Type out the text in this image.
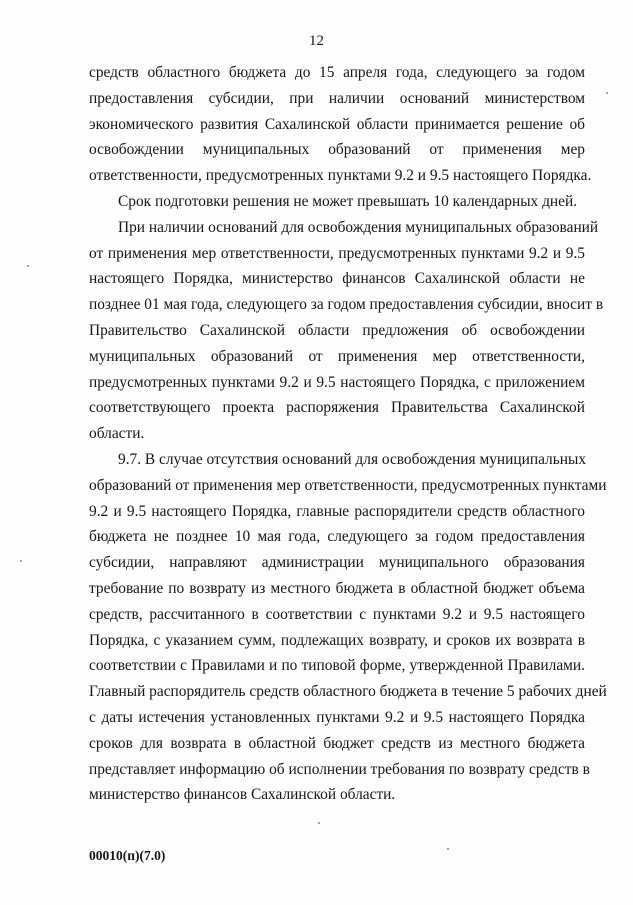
12
средств областного бюджета до 15 апреля года, следующего за годом
предоставления субсидии, при наличии оснований министерством
экономического развития Сахалинской области принимается решение об
освобождении муниципальных образований от применения мер
ответственности, предусмотренных пунктами 9.2 и 9.5 настоящего Порядка.
Срок подготовки решения не может превышать 10 календарных дней.
При наличии оснований для освобождения муниципальных образований
от применения мер ответственности, предусмотренных пунктами 9.2 и 9.5
настоящего Порядка, министерство финансов Сахалинской области не
позднее 01 мая года, следующего за годом предоставления субсидии, вносит в
Правительство Сахалинской области предложения об освобождении
муниципальных образований от применения мер ответственности,
предусмотренных пунктами 9.2 и 9.5 настоящего Порядка, с приложением
соответствующего проекта распоряжения Правительства Сахалинской
области.
9.7. В случае отсутствия оснований для освобождения муниципальных
образований от применения мер ответственности, предусмотренных пунктами
9.2 и 9.5 настоящего Порядка, главные распорядители средств областного
бюджета не позднее 10 мая года, следующего за годом предоставления
субсидии, направляют администрации муниципального образования
требование по возврату из местного бюджета в областной бюджет объема
средств, рассчитанного в соответствии с пунктами 9.2 и 9.5 настоящего
Порядка, с указанием сумм, подлежащих возврату, и сроков их возврата в
соответствии с Правилами и по типовой форме, утвержденной Правилами.
Главный распорядитель средств областного бюджета в течение 5 рабочих дней
с даты истечения установленных пунктами 9.2 и 9.5 настоящего Порядка
сроков для возврата в областной бюджет средств из местного бюджета
представляет информацию об исполнении требования по возврату средств в
министерство финансов Сахалинской области.
00010(п)(7.0)
